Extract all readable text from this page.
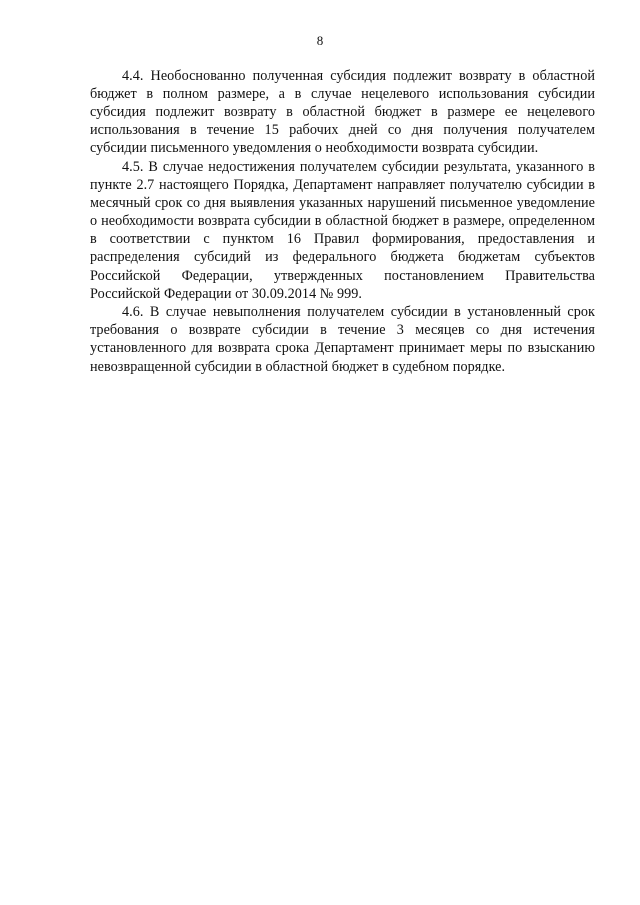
8

4.4. Необоснованно полученная субсидия подлежит возврату в областной бюджет в полном размере, а в случае нецелевого использования субсидии субсидия подлежит возврату в областной бюджет в размере ее нецелевого использования в течение 15 рабочих дней со дня получения получателем субсидии письменного уведомления о необходимости возврата субсидии.

4.5. В случае недостижения получателем субсидии результата, указанного в пункте 2.7 настоящего Порядка, Департамент направляет получателю субсидии в месячный срок со дня выявления указанных нарушений письменное уведомление о необходимости возврата субсидии в областной бюджет в размере, определенном в соответствии с пунктом 16 Правил формирования, предоставления и распределения субсидий из федерального бюджета бюджетам субъектов Российской Федерации, утвержденных постановлением Правительства Российской Федерации от 30.09.2014 № 999.

4.6. В случае невыполнения получателем субсидии в установленный срок требования о возврате субсидии в течение 3 месяцев со дня истечения установленного для возврата срока Департамент принимает меры по взысканию невозвращенной субсидии в областной бюджет в судебном порядке.
